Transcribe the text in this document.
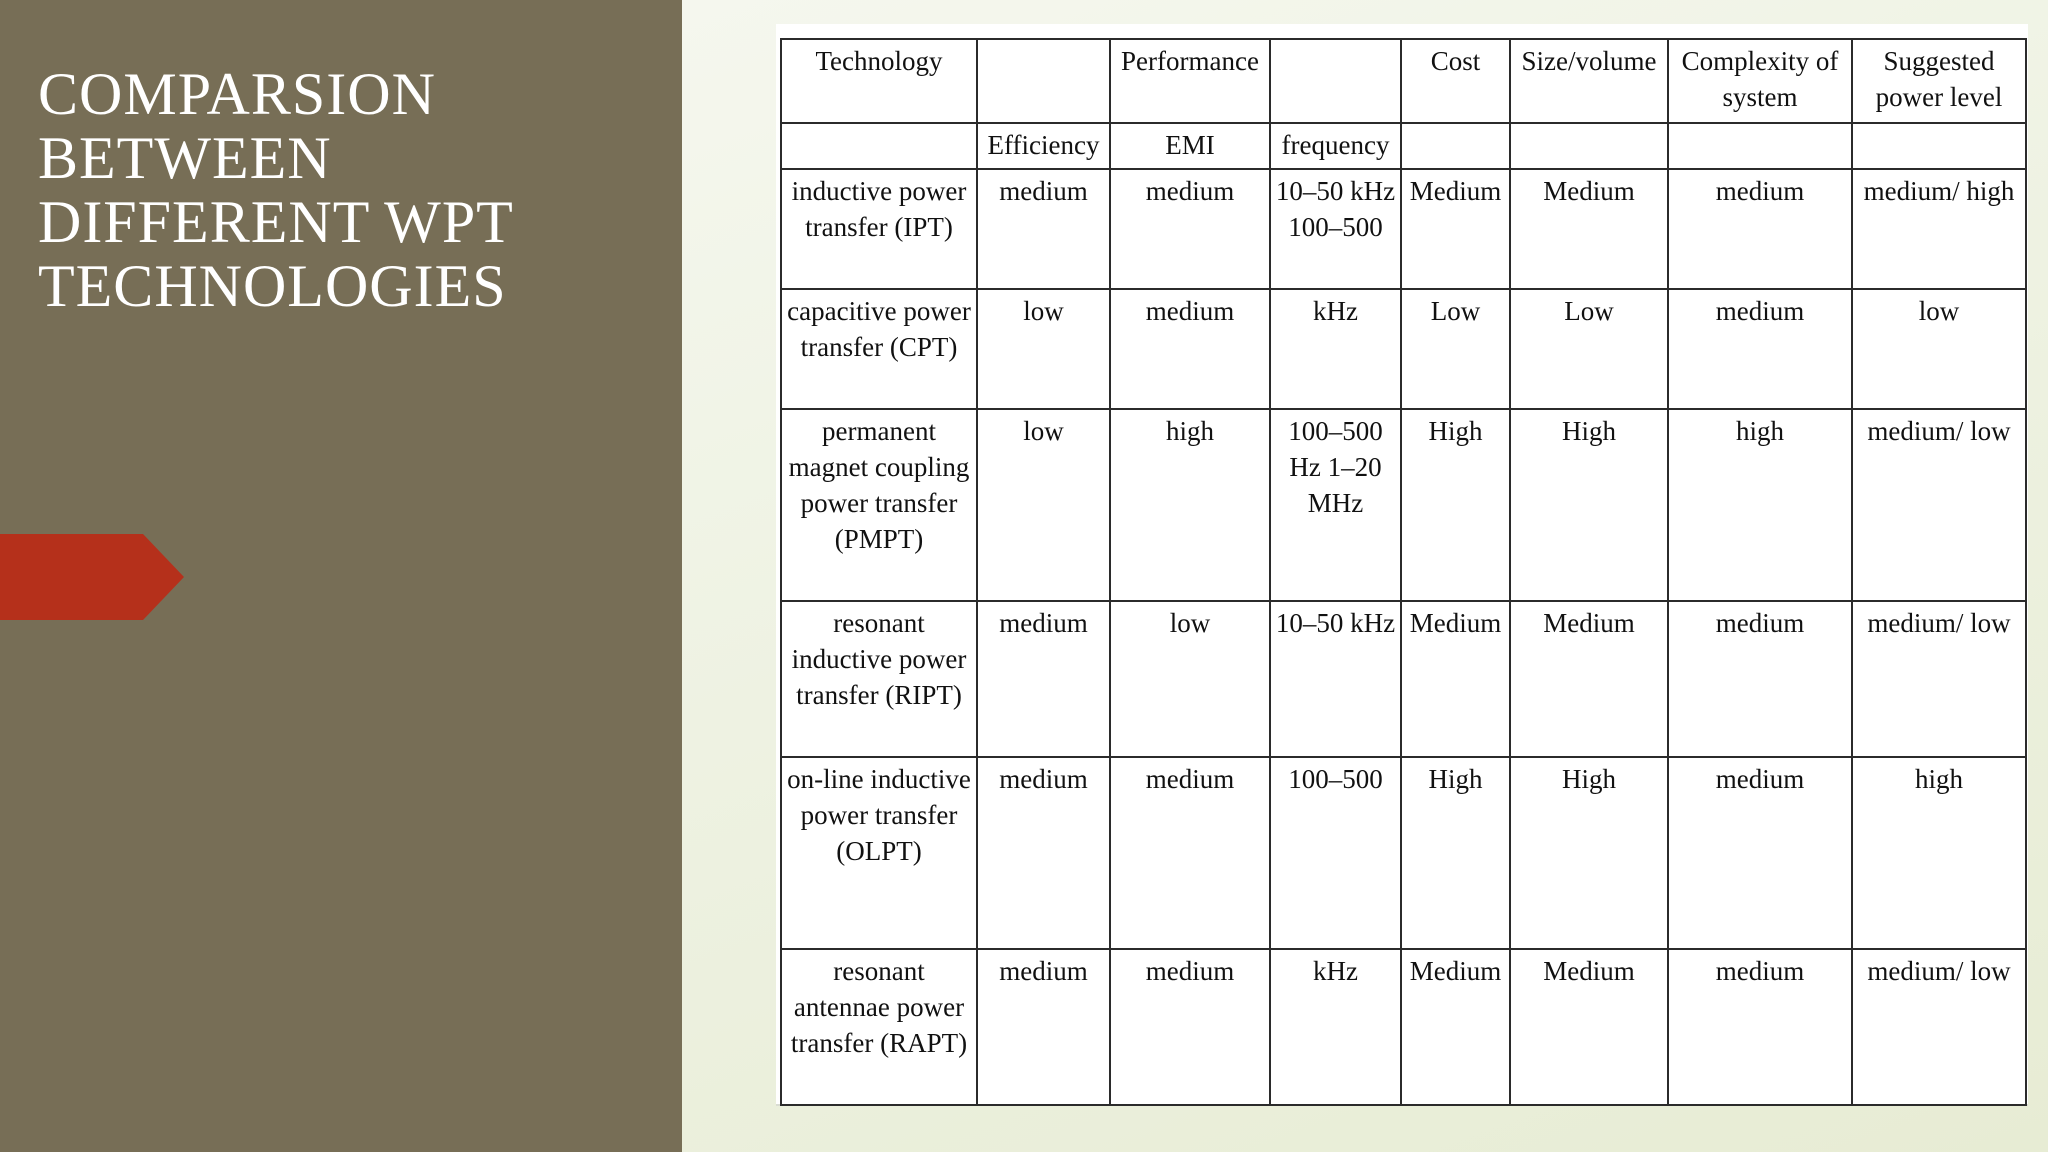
COMPARSION
BETWEEN
DIFFERENT WPT
TECHNOLOGIES
Technology		Performance		Cost	Size/volume	Complexity of system	Suggested power level
	Efficiency	EMI	frequency				
inductive power transfer (IPT)	medium	medium	10–50 kHz 100–500	Medium	Medium	medium	medium/ high
capacitive power transfer (CPT)	low	medium	kHz	Low	Low	medium	low
permanent magnet coupling power transfer (PMPT)	low	high	100–500 Hz 1–20 MHz	High	High	high	medium/ low
resonant inductive power transfer (RIPT)	medium	low	10–50 kHz	Medium	Medium	medium	medium/ low
on-line inductive power transfer (OLPT)	medium	medium	100–500	High	High	medium	high
resonant antennae power transfer (RAPT)	medium	medium	kHz	Medium	Medium	medium	medium/ low
